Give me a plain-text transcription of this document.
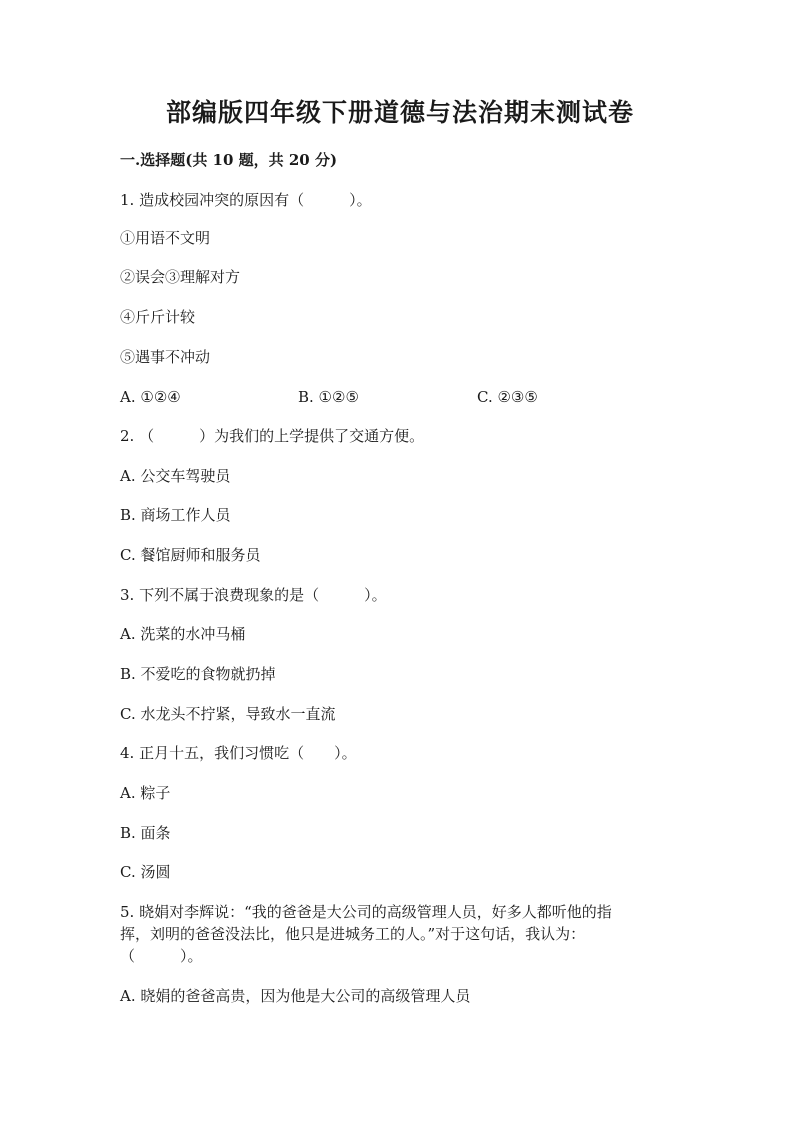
部编版四年级下册道德与法治期末测试卷
一.选择题(共 10 题，共 20 分)
1. 造成校园冲突的原因有（　　　）。
①用语不文明
②误会③理解对方
④斤斤计较
⑤遇事不冲动
A. ①②④	B. ①②⑤	C. ②③⑤
2. （　　　）为我们的上学提供了交通方便。
A. 公交车驾驶员
B. 商场工作人员
C. 餐馆厨师和服务员
3. 下列不属于浪费现象的是（　　　）。
A. 洗菜的水冲马桶
B. 不爱吃的食物就扔掉
C. 水龙头不拧紧，导致水一直流
4. 正月十五，我们习惯吃（　　）。
A. 粽子
B. 面条
C. 汤圆
5. 晓娟对李辉说：“我的爸爸是大公司的高级管理人员，好多人都听他的指
挥，刘明的爸爸没法比，他只是进城务工的人。”对于这句话，我认为：
（　　　）。
A. 晓娟的爸爸高贵，因为他是大公司的高级管理人员
